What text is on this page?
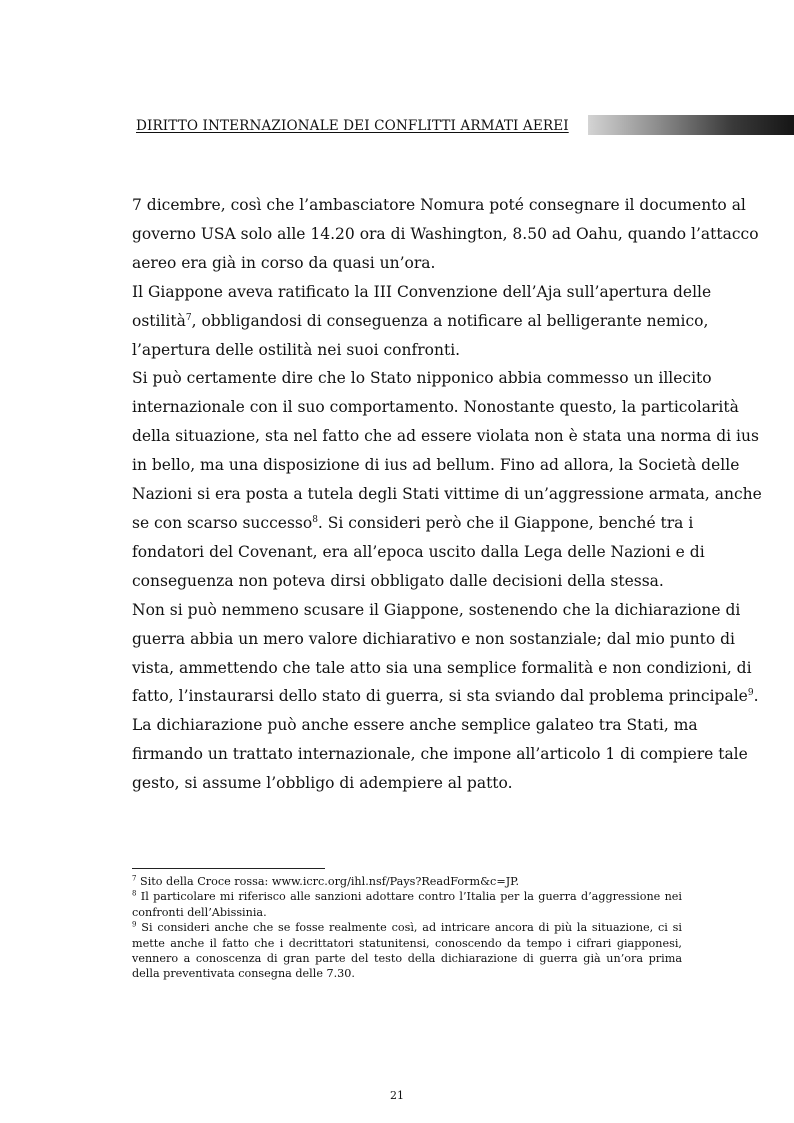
DIRITTO INTERNAZIONALE DEI CONFLITTI ARMATI AEREI

7 dicembre, così che l’ambasciatore Nomura poté consegnare il documento al
governo USA solo alle 14.20 ora di Washington, 8.50 ad Oahu, quando l’attacco
aereo era già in corso da quasi un’ora.

Il Giappone aveva ratificato la III Convenzione dell’Aja sull’apertura delle
ostilità$^7$, obbligandosi di conseguenza a notificare al belligerante nemico,
l’apertura delle ostilità nei suoi confronti.

Si può certamente dire che lo Stato nipponico abbia commesso un illecito
internazionale con il suo comportamento. Nonostante questo, la particolarità
della situazione, sta nel fatto che ad essere violata non è stata una norma di ius
in bello, ma una disposizione di ius ad bellum. Fino ad allora, la Società delle
Nazioni si era posta a tutela degli Stati vittime di un’aggressione armata, anche
se con scarso successo$^8$. Si consideri però che il Giappone, benché tra i
fondatori del Covenant, era all’epoca uscito dalla Lega delle Nazioni e di
conseguenza non poteva dirsi obbligato dalle decisioni della stessa.

Non si può nemmeno scusare il Giappone, sostenendo che la dichiarazione di
guerra abbia un mero valore dichiarativo e non sostanziale; dal mio punto di
vista, ammettendo che tale atto sia una semplice formalità e non condizioni, di
fatto, l’instaurarsi dello stato di guerra, si sta sviando dal problema principale$^9$.
La dichiarazione può anche essere anche semplice galateo tra Stati, ma
firmando un trattato internazionale, che impone all’articolo 1 di compiere tale
gesto, si assume l’obbligo di adempiere al patto.

$^7$ Sito della Croce rossa: www.icrc.org/ihl.nsf/Pays?ReadForm&c=JP.
$^8$ Il particolare mi riferisco alle sanzioni adottare contro l’Italia per la guerra d’aggressione nei
confronti dell’Abissinia.
$^9$ Si consideri anche che se fosse realmente così, ad intricare ancora di più la situazione, ci si
mette anche il fatto che i decrittatori statunitensi, conoscendo da tempo i cifrari giapponesi,
vennero a conoscenza di gran parte del testo della dichiarazione di guerra già un’ora prima
della preventivata consegna delle 7.30.
21
